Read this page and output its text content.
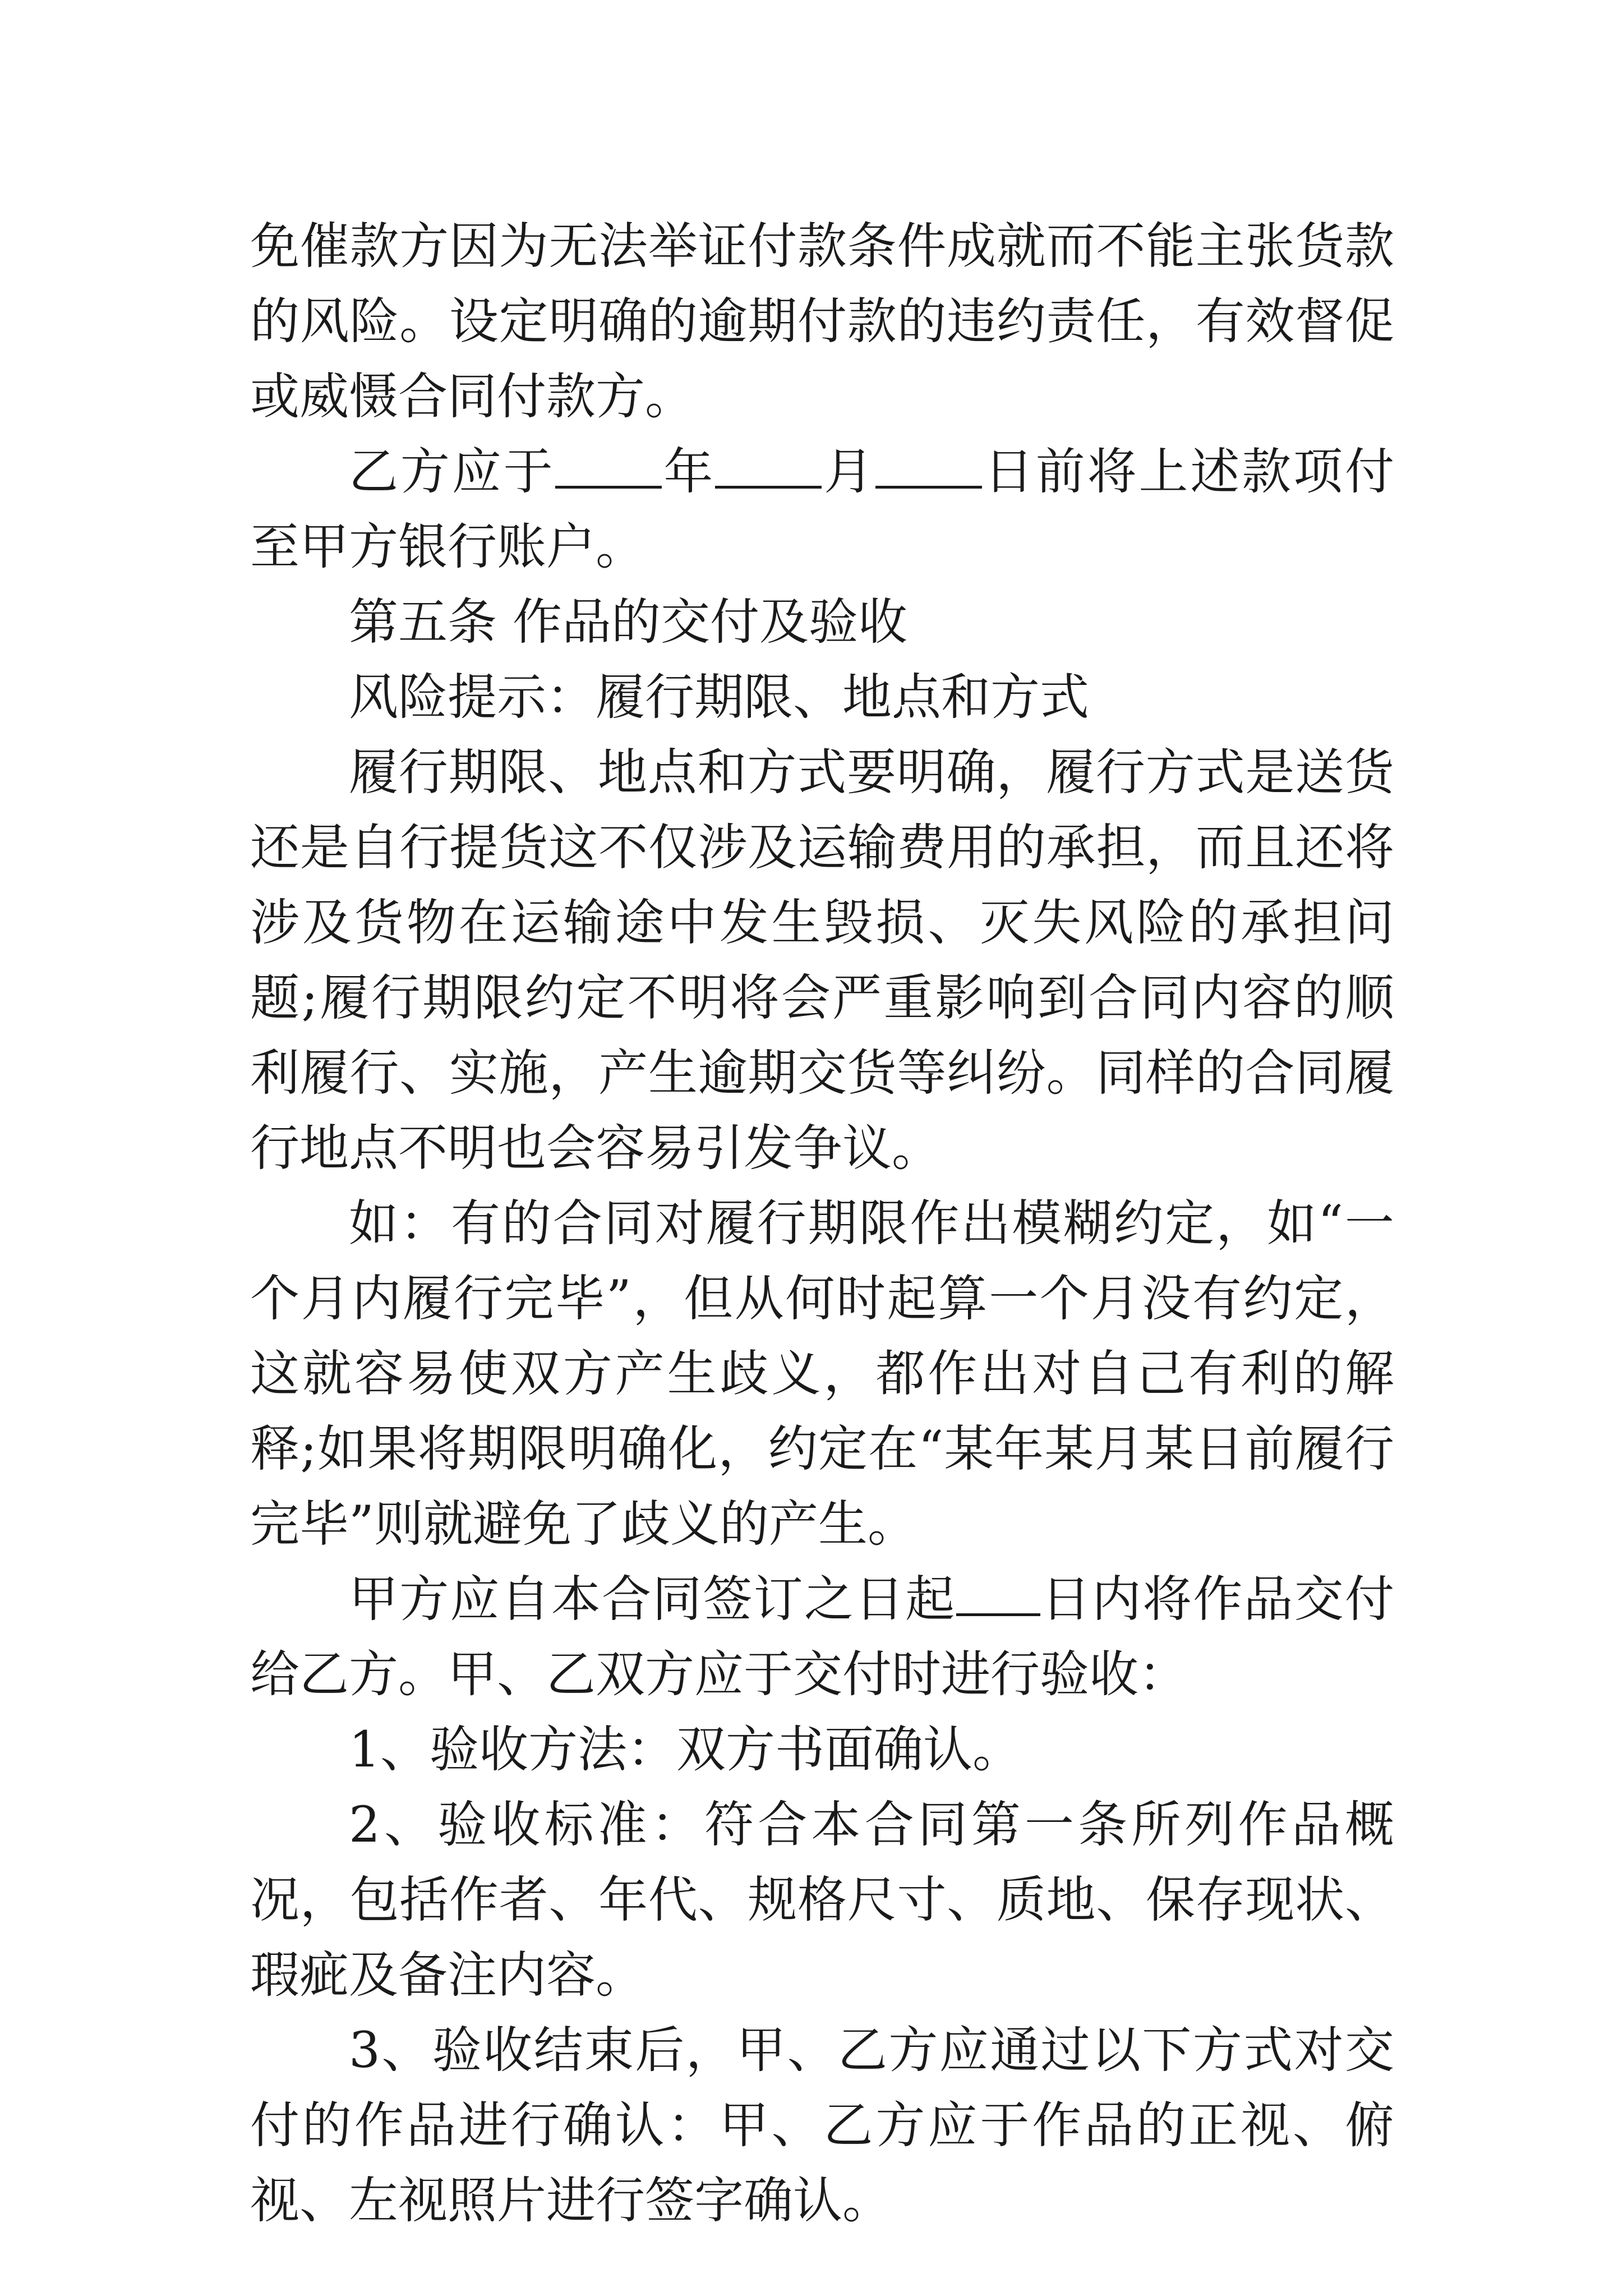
免催款方因为无法举证付款条件成就而不能主张货款的风险。设定明确的逾期付款的违约责任，有效督促或威慑合同付款方。

乙方应于 年 月 日前将上述款项付至甲方银行账户。

第五条 作品的交付及验收

风险提示：履行期限、地点和方式

履行期限、地点和方式要明确，履行方式是送货还是自行提货这不仅涉及运输费用的承担，而且还将涉及货物在运输途中发生毁损、灭失风险的承担问题;履行期限约定不明将会严重影响到合同内容的顺利履行、实施，产生逾期交货等纠纷。同样的合同履行地点不明也会容易引发争议。

如：有的合同对履行期限作出模糊约定，如“一个月内履行完毕”，但从何时起算一个月没有约定，这就容易使双方产生歧义，都作出对自己有利的解释;如果将期限明确化，约定在“某年某月某日前履行完毕”则就避免了歧义的产生。

甲方应自本合同签订之日起 日内将作品交付给乙方。甲、乙双方应于交付时进行验收：

1、验收方法：双方书面确认。

2、验收标准：符合本合同第一条所列作品概况，包括作者、年代、规格尺寸、质地、保存现状、瑕疵及备注内容。

3、验收结束后，甲、乙方应通过以下方式对交付的作品进行确认：甲、乙方应于作品的正视、俯视、左视照片进行签字确认。
